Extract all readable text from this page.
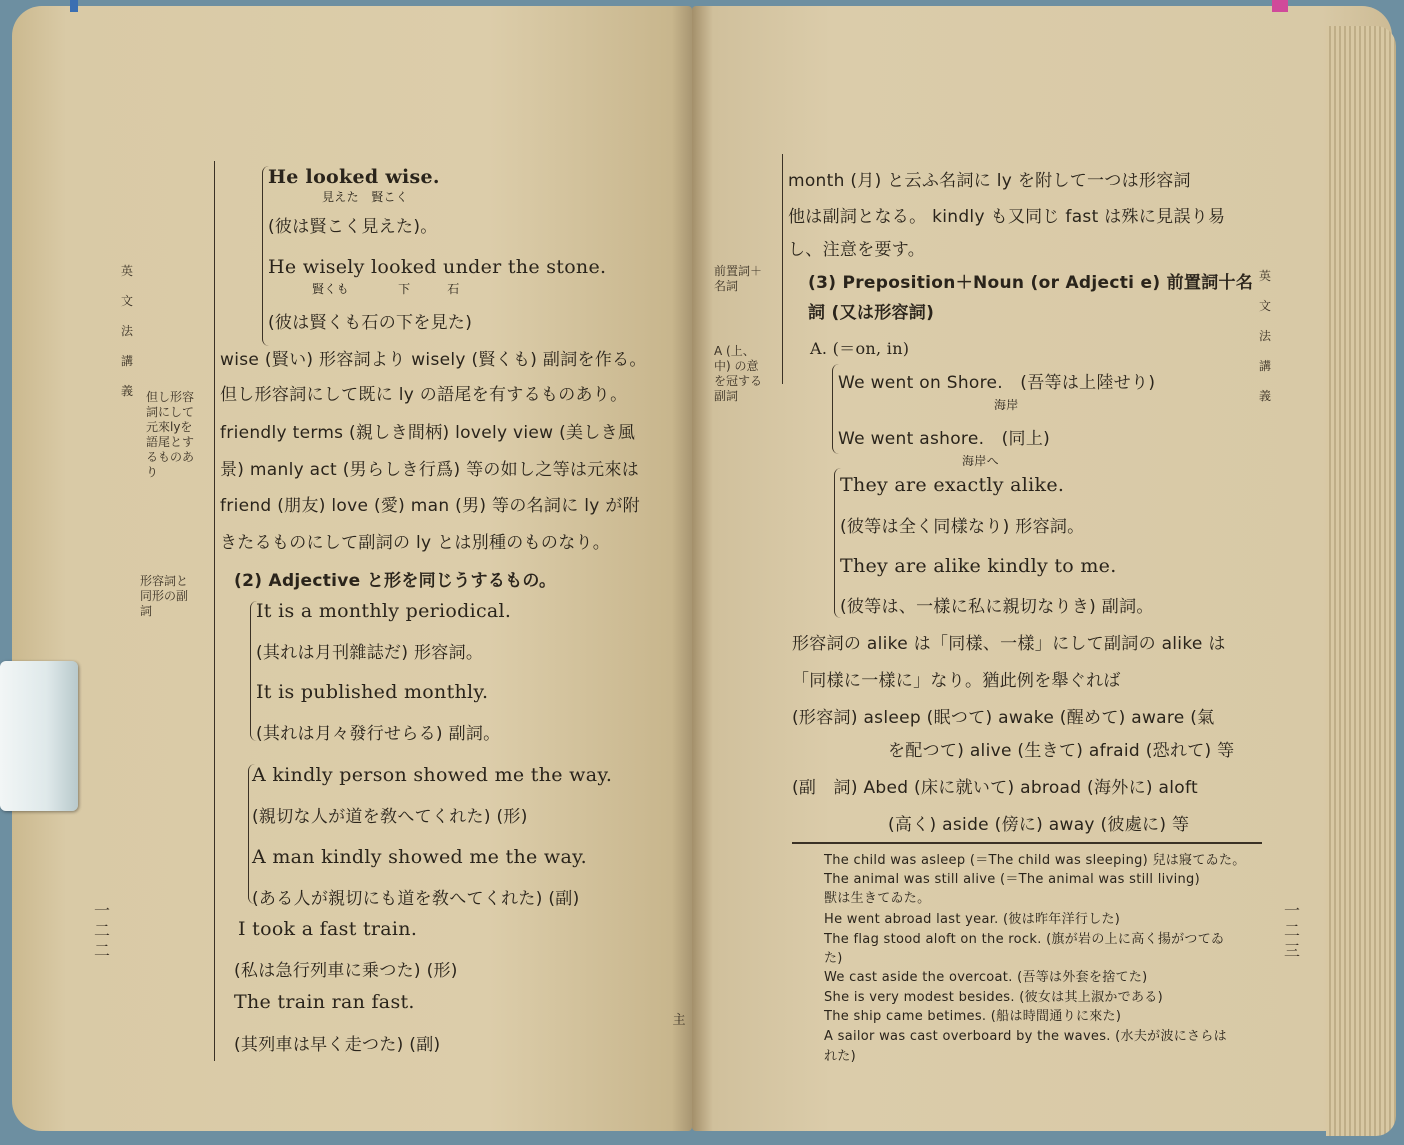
英文法講義
一二二
但し形容詞にして元來lyを語尾とするものあり
形容詞と同形の副詞
He looked wise.
見えた　賢こく
(彼は賢こく見えた)。
He wisely looked under the stone.
賢くも　　　　下　　　石
(彼は賢くも石の下を見た)
wise (賢い) 形容詞より wisely (賢くも) 副詞を作る。
但し形容詞にして既に ly の語尾を有するものあり。
friendly terms (親しき間柄) lovely view (美しき風
景) manly act (男らしき行爲) 等の如し之等は元來は
friend (朋友) love (愛) man (男) 等の名詞に ly が附
きたるものにして副詞の ly とは別種のものなり。
(2) Adjective と形を同じうするもの。
It is a monthly periodical.
(其れは月刊雜誌だ) 形容詞。
It is published monthly.
(其れは月々發行せらる) 副詞。
A kindly person showed me the way.
(親切な人が道を敎へてくれた) (形)
A man kindly showed me the way.
(ある人が親切にも道を敎へてくれた) (副)
I took a fast train.
(私は急行列車に乗つた) (形)
The train ran fast.
(其列車は早く走つた) (副)
英文法講義
一二三
主
前置詞＋名詞
A (上、中) の意を冠する副詞
month (月) と云ふ名詞に ly を附して一つは形容詞
他は副詞となる。 kindly も又同じ fast は殊に見誤り易
し、注意を要す。
(3) Preposition＋Noun (or Adjecti e) 前置詞十名
詞 (又は形容詞)
A. (＝on, in)
We went on Shore.　(吾等は上陸せり)
海岸
We went ashore.　(同上)
海岸へ
They are exactly alike.
(彼等は全く同樣なり) 形容詞。
They are alike kindly to me.
(彼等は、一樣に私に親切なりき) 副詞。
形容詞の alike は「同樣、一樣」にして副詞の alike は
「同樣に一樣に」なり。猶此例を舉ぐれば
(形容詞) asleep (眠つて) awake (醒めて) aware (氣
を配つて) alive (生きて) afraid (恐れて) 等
(副　詞) Abed (床に就いて) abroad (海外に) aloft
(高く) aside (傍に) away (彼處に) 等
The child was asleep (＝The child was sleeping) 兒は寢てゐた。
The animal was still alive (＝The animal was still living)
獸は生きてゐた。
He went abroad last year. (彼は昨年洋行した)
The flag stood aloft on the rock. (旗が岩の上に高く揚がつてゐ
た)
We cast aside the overcoat. (吾等は外套を捨てた)
She is very modest besides. (彼女は其上淑かである)
The ship came betimes. (船は時間通りに來た)
A sailor was cast overboard by the waves. (水夫が波にさらは
れた)
